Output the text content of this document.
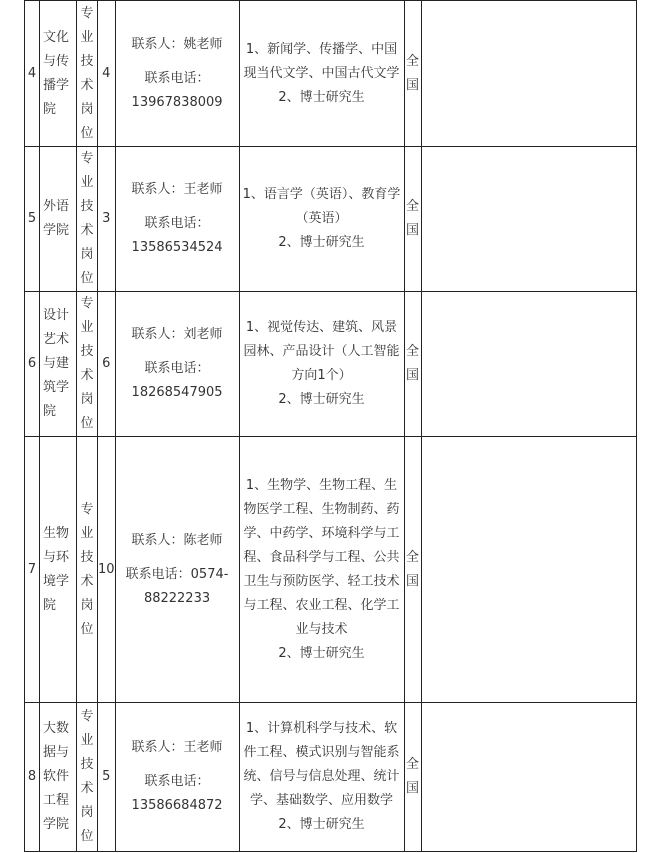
4	文化与传播学院	专业技术岗位	4	联系人：姚老师
联系电话：13967838009	1、新闻学、传播学、中国现当代文学、中国古代文学
2、博士研究生	全国	
5	外语学院	专业技术岗位	3	联系人：王老师
联系电话：13586534524	1、语言学（英语）、教育学（英语）
2、博士研究生	全国	
6	设计艺术与建筑学院	专业技术岗位	6	联系人：刘老师
联系电话：18268547905	1、视觉传达、建筑、风景园林、产品设计（人工智能方向1个）
2、博士研究生	全国	
7	生物与环境学院	专业技术岗位	10	联系人：陈老师
联系电话：0574-88222233	1、生物学、生物工程、生物医学工程、生物制药、药学、中药学、环境科学与工程、食品科学与工程、公共卫生与预防医学、轻工技术与工程、农业工程、化学工业与技术
2、博士研究生	全国	
8	大数据与软件工程学院	专业技术岗位	5	联系人：王老师
联系电话：13586684872	1、计算机科学与技术、软件工程、模式识别与智能系统、信号与信息处理、统计学、基础数学、应用数学
2、博士研究生	全国	
